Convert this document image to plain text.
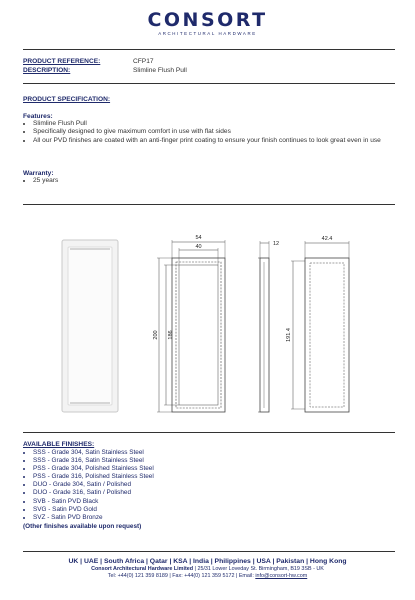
CONSORT
ARCHITECTURAL HARDWARE
PRODUCT REFERENCE:	CFP17
DESCRIPTION:	Slimline Flush Pull
PRODUCT SPECIFICATION:
Features:
• Slimline Flush Pull
• Specifically designed to give maximum comfort in use with flat sides
• All our PVD finishes are coated with an anti-finger print coating to ensure your finish continues to look great even in use
Warranty:
• 25 years
54
40
200 186
12
42.4
191.4
AVAILABLE FINISHES:
• SSS - Grade 304, Satin Stainless Steel
• SSS - Grade 316, Satin Stainless Steel
• PSS - Grade 304, Polished Stainless Steel
• PSS - Grade 316, Polished Stainless Steel
• DUO - Grade 304, Satin / Polished
• DUO - Grade 316, Satin / Polished
• SVB - Satin PVD Black
• SVG - Satin PVD Gold
• SVZ - Satin PVD Bronze
(Other finishes available upon request)
UK | UAE | South Africa | Qatar | KSA | India | Philippines | USA | Pakistan | Hong Kong
Consort Architectural Hardware Limited | 25/31 Lower Loveday St. Birmingham, B19 3SB - UK
Tel: +44(0) 121 359 8189 | Fax: +44(0) 121 359 5172 | Email: info@consort-hw.com
